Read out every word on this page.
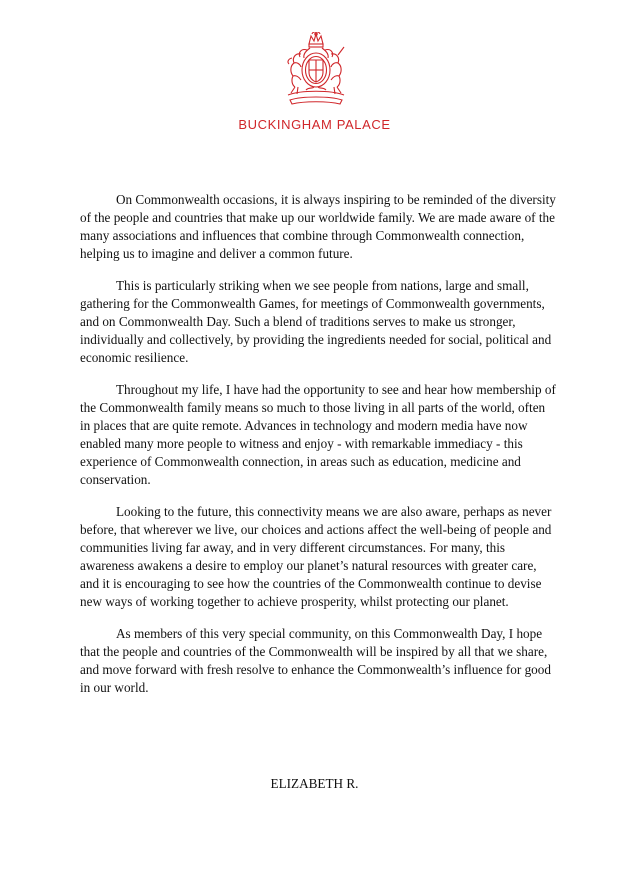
BUCKINGHAM PALACE

On Commonwealth occasions, it is always inspiring to be reminded of the diversity of the people and countries that make up our worldwide family. We are made aware of the many associations and influences that combine through Commonwealth connection, helping us to imagine and deliver a common future.

This is particularly striking when we see people from nations, large and small, gathering for the Commonwealth Games, for meetings of Commonwealth governments, and on Commonwealth Day. Such a blend of traditions serves to make us stronger, individually and collectively, by providing the ingredients needed for social, political and economic resilience.

Throughout my life, I have had the opportunity to see and hear how membership of the Commonwealth family means so much to those living in all parts of the world, often in places that are quite remote. Advances in technology and modern media have now enabled many more people to witness and enjoy - with remarkable immediacy - this experience of Commonwealth connection, in areas such as education, medicine and conservation.

Looking to the future, this connectivity means we are also aware, perhaps as never before, that wherever we live, our choices and actions affect the well-being of people and communities living far away, and in very different circumstances. For many, this awareness awakens a desire to employ our planet’s natural resources with greater care, and it is encouraging to see how the countries of the Commonwealth continue to devise new ways of working together to achieve prosperity, whilst protecting our planet.

As members of this very special community, on this Commonwealth Day, I hope that the people and countries of the Commonwealth will be inspired by all that we share, and move forward with fresh resolve to enhance the Commonwealth’s influence for good in our world.

ELIZABETH R.
